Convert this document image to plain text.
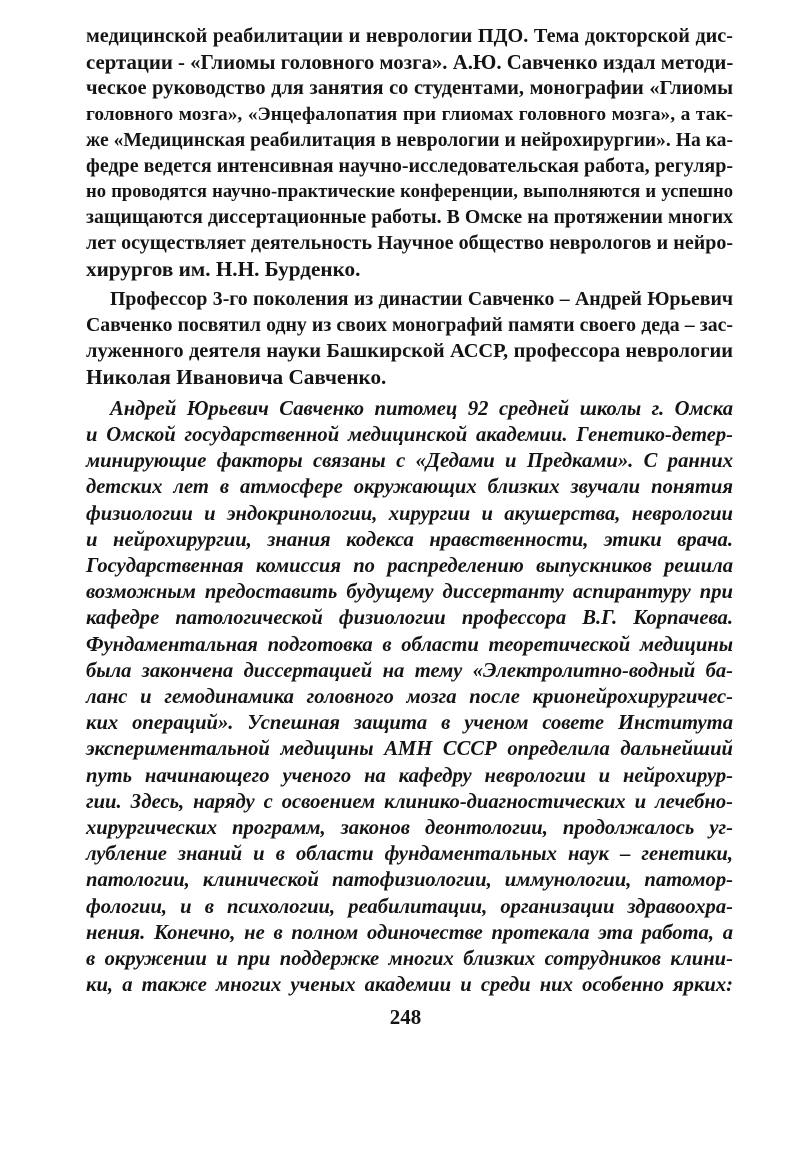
медицинской реабилитации и неврологии ПДО. Тема докторской дис-
сертации - «Глиомы головного мозга». А.Ю. Савченко издал методи-
ческое руководство для занятия со студентами, монографии «Глиомы
головного мозга», «Энцефалопатия при глиомах головного мозга», а так-
же «Медицинская реабилитация в неврологии и нейрохирургии». На ка-
федре ведется интенсивная научно-исследовательская работа, регуляр-
но проводятся научно-практические конференции, выполняются и успешно
защищаются диссертационные работы. В Омске на протяжении многих
лет осуществляет деятельность Научное общество неврологов и нейро-
хирургов им. Н.Н. Бурденко.
Профессор 3-го поколения из династии Савченко – Андрей Юрьевич
Савченко посвятил одну из своих монографий памяти своего деда – зас-
луженного деятеля науки Башкирской АССР, профессора неврологии
Николая Ивановича Савченко.
Андрей Юрьевич Савченко питомец 92 средней школы г. Омска
и Омской государственной медицинской академии. Генетико-детер-
минирующие факторы связаны с «Дедами и Предками». С ранних
детских лет в атмосфере окружающих близких звучали понятия
физиологии и эндокринологии, хирургии и акушерства, неврологии
и нейрохирургии, знания кодекса нравственности, этики врача.
Государственная комиссия по распределению выпускников решила
возможным предоставить будущему диссертанту аспирантуру при
кафедре патологической физиологии профессора В.Г. Корпачева.
Фундаментальная подготовка в области теоретической медицины
была закончена диссертацией на тему «Электролитно-водный ба-
ланс и гемодинамика головного мозга после криoнейрохирургичес-
ких операций». Успешная защита в ученом совете Института
экспериментальной медицины АМН СССР определила дальнейший
путь начинающего ученого на кафедру неврологии и нейрохирур-
гии. Здесь, наряду с освоением клинико-диагностических и лечебно-
хирургических программ, законов деонтологии, продолжалось уг-
лубление знаний и в области фундаментальных наук – генетики,
патологии, клинической патофизиологии, иммунологии, патомор-
фологии, и в психологии, реабилитации, организации здравоохра-
нения. Конечно, не в полном одиночестве протекала эта работа, а
в окружении и при поддержке многих близких сотрудников клини-
ки, а также многих ученых академии и среди них особенно ярких:
248
